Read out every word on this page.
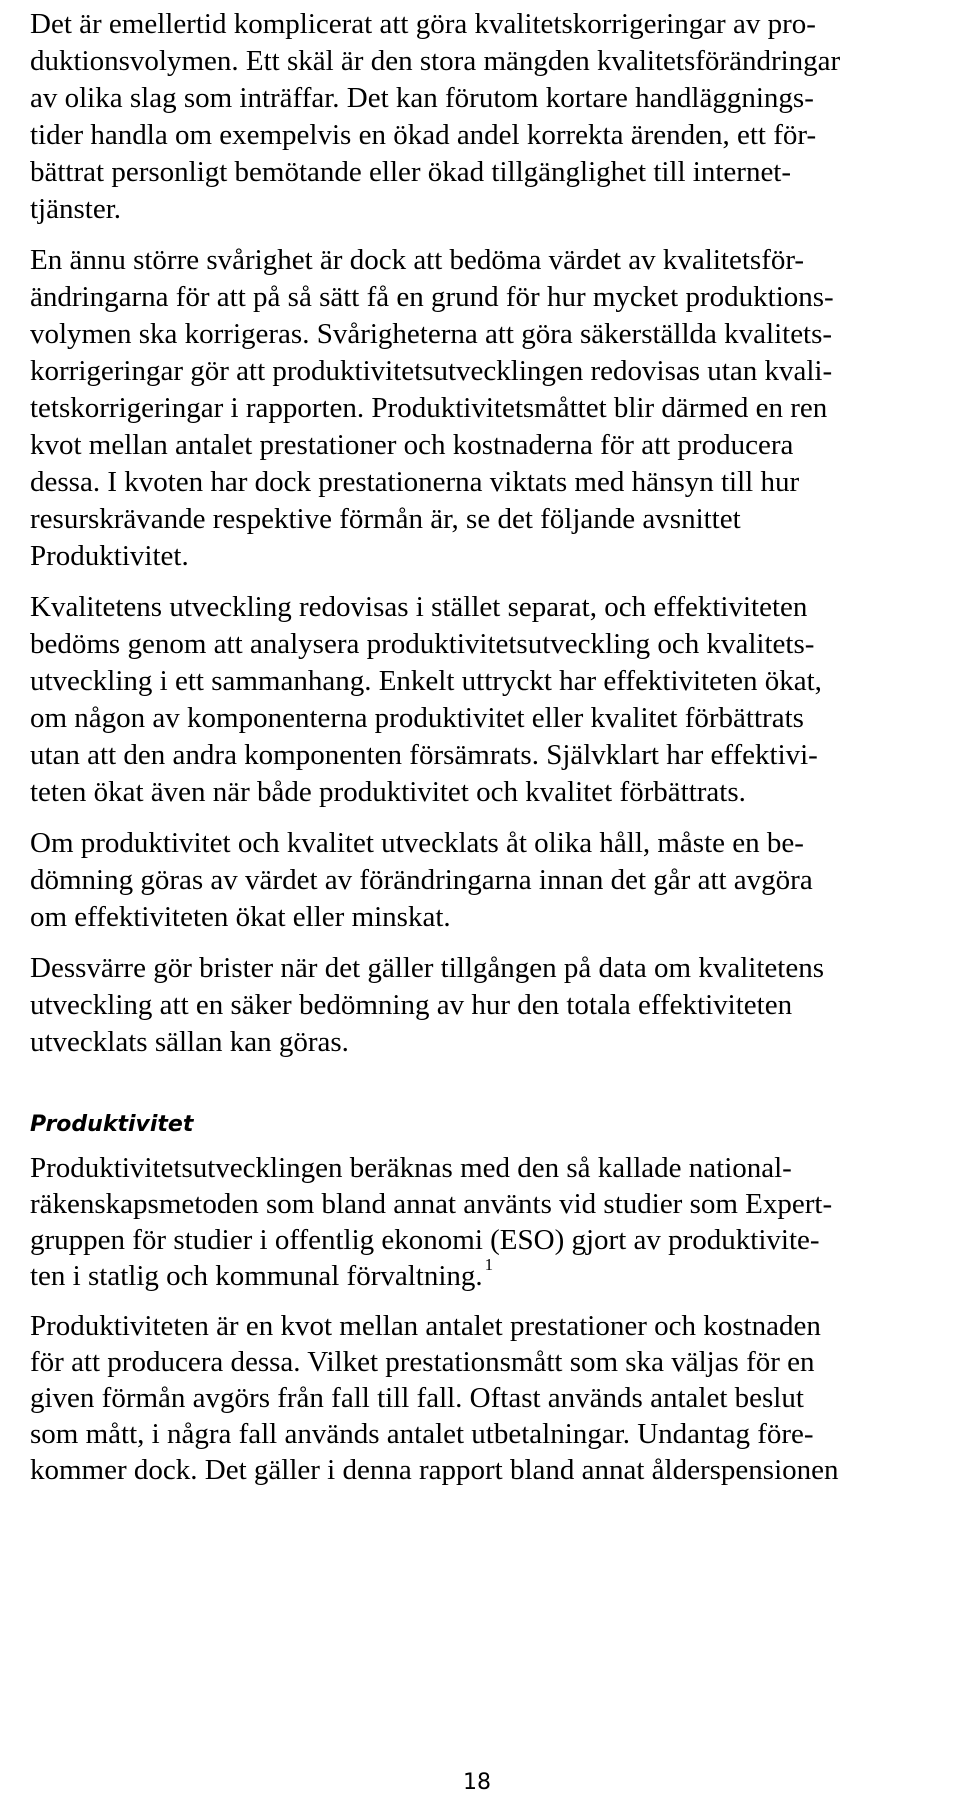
Det är emellertid komplicerat att göra kvalitetskorrigeringar av pro-
duktionsvolymen. Ett skäl är den stora mängden kvalitetsförändringar
av olika slag som inträffar. Det kan förutom kortare handläggnings-
tider handla om exempelvis en ökad andel korrekta ärenden, ett för-
bättrat personligt bemötande eller ökad tillgänglighet till internet-
tjänster.

En ännu större svårighet är dock att bedöma värdet av kvalitetsför-
ändringarna för att på så sätt få en grund för hur mycket produktions-
volymen ska korrigeras. Svårigheterna att göra säkerställda kvalitets-
korrigeringar gör att produktivitetsutvecklingen redovisas utan kvali-
tetskorrigeringar i rapporten. Produktivitetsmåttet blir därmed en ren
kvot mellan antalet prestationer och kostnaderna för att producera
dessa. I kvoten har dock prestationerna viktats med hänsyn till hur
resurskrävande respektive förmån är, se det följande avsnittet
Produktivitet.

Kvalitetens utveckling redovisas i stället separat, och effektiviteten
bedöms genom att analysera produktivitetsutveckling och kvalitets-
utveckling i ett sammanhang. Enkelt uttryckt har effektiviteten ökat,
om någon av komponenterna produktivitet eller kvalitet förbättrats
utan att den andra komponenten försämrats. Självklart har effektivi-
teten ökat även när både produktivitet och kvalitet förbättrats.

Om produktivitet och kvalitet utvecklats åt olika håll, måste en be-
dömning göras av värdet av förändringarna innan det går att avgöra
om effektiviteten ökat eller minskat.

Dessvärre gör brister när det gäller tillgången på data om kvalitetens
utveckling att en säker bedömning av hur den totala effektiviteten
utvecklats sällan kan göras.

Produktivitet

Produktivitetsutvecklingen beräknas med den så kallade national-
räkenskapsmetoden som bland annat använts vid studier som Expert-
gruppen för studier i offentlig ekonomi (ESO) gjort av produktivite-
ten i statlig och kommunal förvaltning. $^1$

Produktiviteten är en kvot mellan antalet prestationer och kostnaden
för att producera dessa. Vilket prestationsmått som ska väljas för en
given förmån avgörs från fall till fall. Oftast används antalet beslut
som mått, i några fall används antalet utbetalningar. Undantag före-
kommer dock. Det gäller i denna rapport bland annat ålderspensionen

18
